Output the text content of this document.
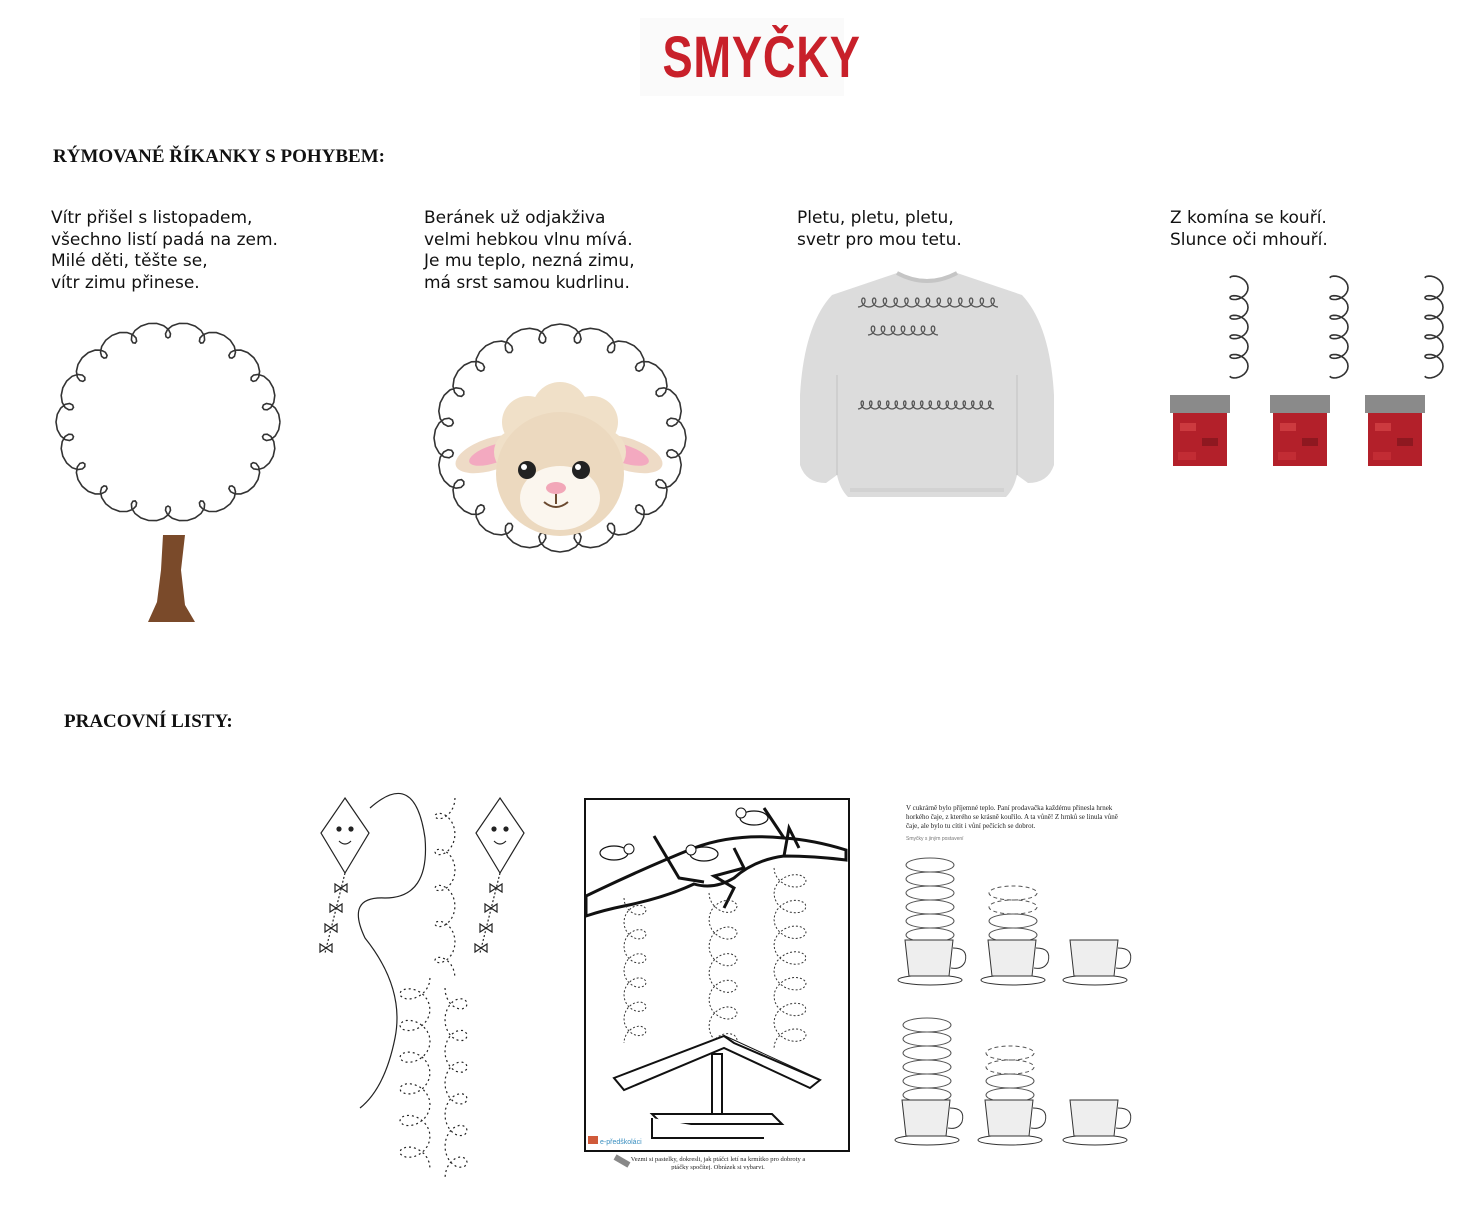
SMYČKY
RÝMOVANÉ ŘÍKANKY S POHYBEM:
Vítr přišel s listopadem,
všechno listí padá na zem.
Milé děti, těšte se,
vítr zimu přinese.
Beránek už odjakživa
velmi hebkou vlnu mívá.
Je mu teplo, nezná zimu,
má srst samou kudrlinu.
Pletu, pletu, pletu,
svetr pro mou tetu.
Z komína se kouří.
Slunce oči mhouří.
PRACOVNÍ LISTY:
e-předškoláci
Vezmi si pastelky, dokresli, jak ptáčci letí na krmítko pro dobroty a
ptáčky spočítej. Obrázek si vybarvi.
V cukrárně bylo příjemné teplo. Paní prodavačka každému přinesla hrnek
horkého čaje, z kterého se krásně kouřilo. A ta vůně! Z hrnků se linula vůně
čaje, ale bylo tu cítit i vůní pečících se dobrot.
Smyčky s jiným postavení
